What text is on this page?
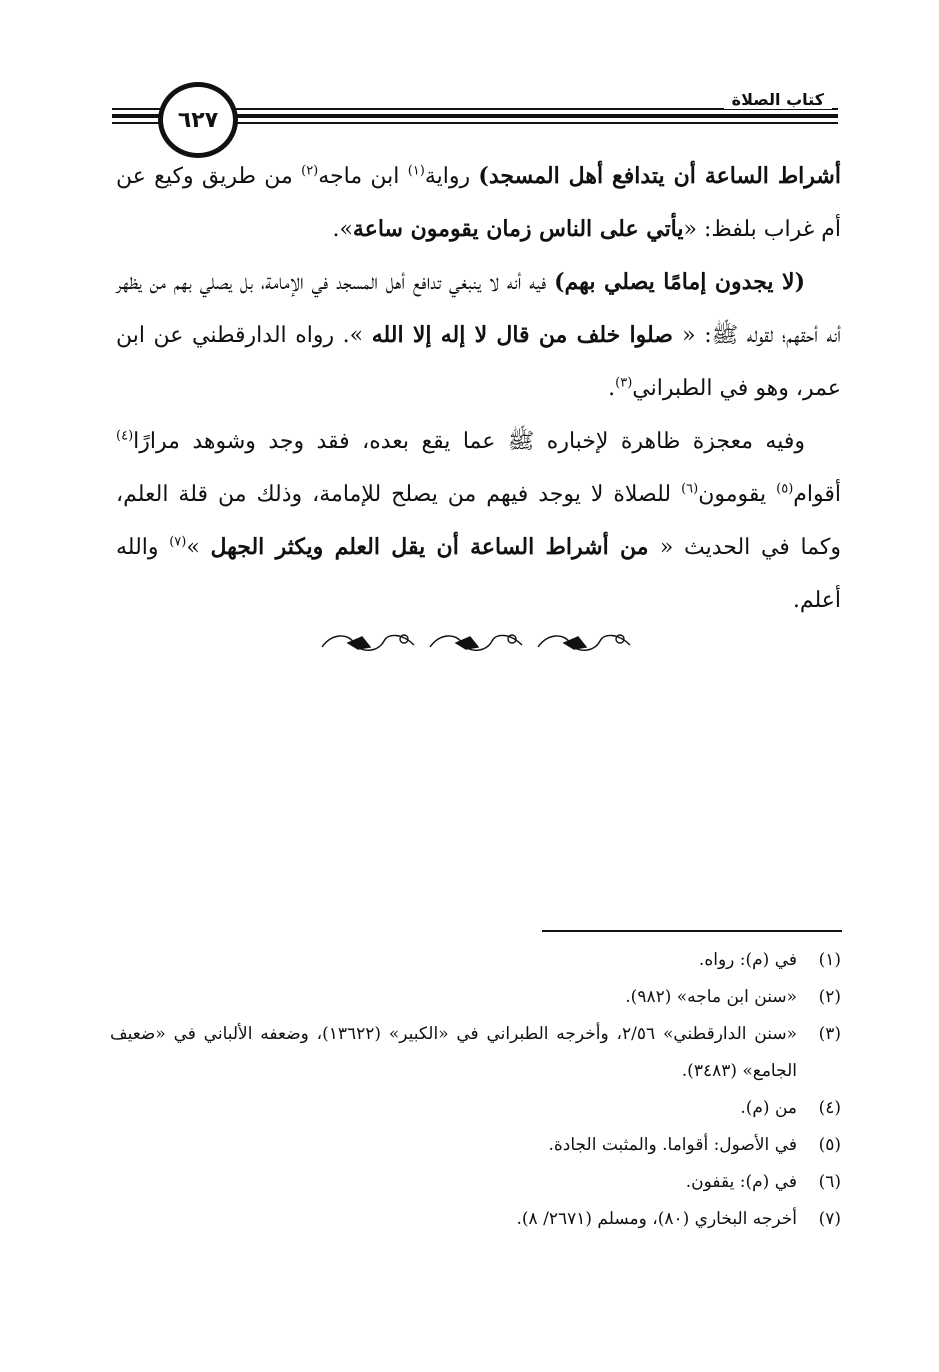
٦٢٧
كتاب الصلاة

أشراط الساعة أن يتدافع أهل المسجد) رواية$^{(١)}$ ابن ماجه$^{(٢)}$ من طريق وكيع عن أم غراب بلفظ: «يأتي على الناس زمان يقومون ساعة».

(لا يجدون إمامًا يصلي بهم) فيه أنه لا ينبغي تدافع أهل المسجد في الإمامة، بل يصلي بهم من يظهر أنه أحقهم؛ لقوله ﷺ: « صلوا خلف من قال لا إله إلا الله ». رواه الدارقطني عن ابن عمر، وهو في الطبراني$^{(٣)}$.

وفيه معجزة ظاهرة لإخباره ﷺ عما يقع بعده، فقد وجد وشوهد مرارًا$^{(٤)}$ أقوام$^{(٥)}$ يقومون$^{(٦)}$ للصلاة لا يوجد فيهم من يصلح للإمامة، وذلك من قلة العلم، وكما في الحديث « من أشراط الساعة أن يقل العلم ويكثر الجهل »$^{(٧)}$ والله أعلم.

(١)
في (م): رواه.
(٢)
«سنن ابن ماجه» (٩٨٢).
(٣)
«سنن الدارقطني» ٢/٥٦، وأخرجه الطبراني في «الكبير» (١٣٦٢٢)، وضعفه الألباني في «ضعيف الجامع» (٣٤٨٣).
(٤)
من (م).
(٥)
في الأصول: أقواما. والمثبت الجادة.
(٦)
في (م): يقفون.
(٧)
أخرجه البخاري (٨٠)، ومسلم (٢٦٧١/ ٨).
